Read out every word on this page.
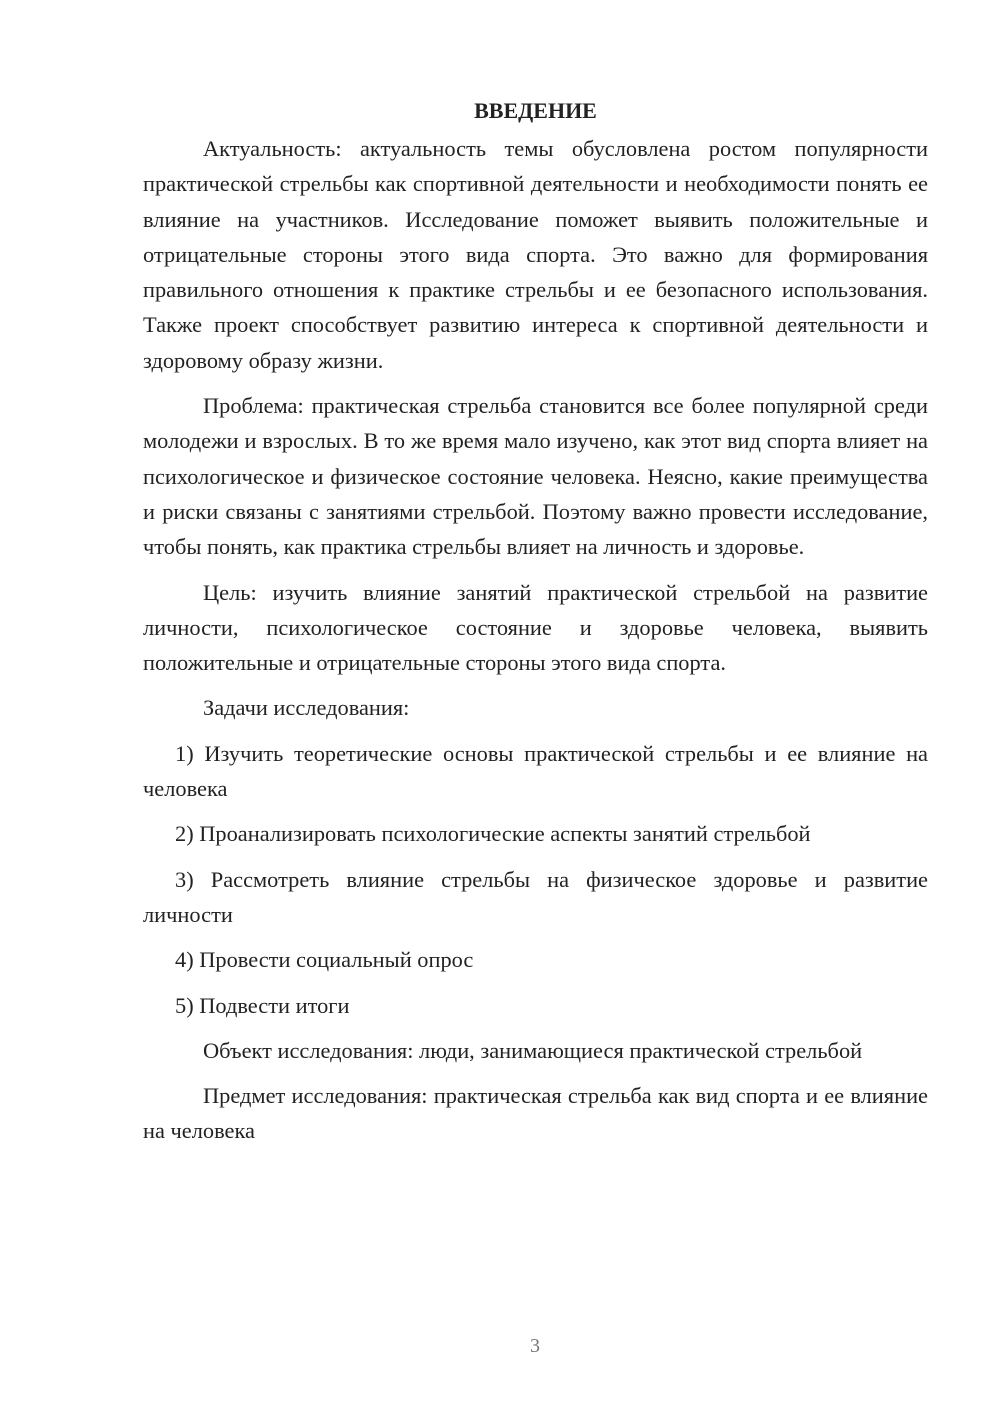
ВВЕДЕНИЕ

Актуальность: актуальность темы обусловлена ростом популярности практической стрельбы как спортивной деятельности и необходимости понять ее влияние на участников. Исследование поможет выявить положительные и отрицательные стороны этого вида спорта. Это важно для формирования правильного отношения к практике стрельбы и ее безопасного использования. Также проект способствует развитию интереса к спортивной деятельности и здоровому образу жизни.

Проблема: практическая стрельба становится все более популярной среди молодежи и взрослых. В то же время мало изучено, как этот вид спорта влияет на психологическое и физическое состояние человека. Неясно, какие преимущества и риски связаны с занятиями стрельбой. Поэтому важно провести исследование, чтобы понять, как практика стрельбы влияет на личность и здоровье.

Цель: изучить влияние занятий практической стрельбой на развитие личности, психологическое состояние и здоровье человека, выявить положительные и отрицательные стороны этого вида спорта.

Задачи исследования:

1) Изучить теоретические основы практической стрельбы и ее влияние на человека

2) Проанализировать психологические аспекты занятий стрельбой

3) Рассмотреть влияние стрельбы на физическое здоровье и развитие личности

4) Провести социальный опрос

5) Подвести итоги

Объект исследования: люди, занимающиеся практической стрельбой

Предмет исследования: практическая стрельба как вид спорта и ее влияние на человека

3
